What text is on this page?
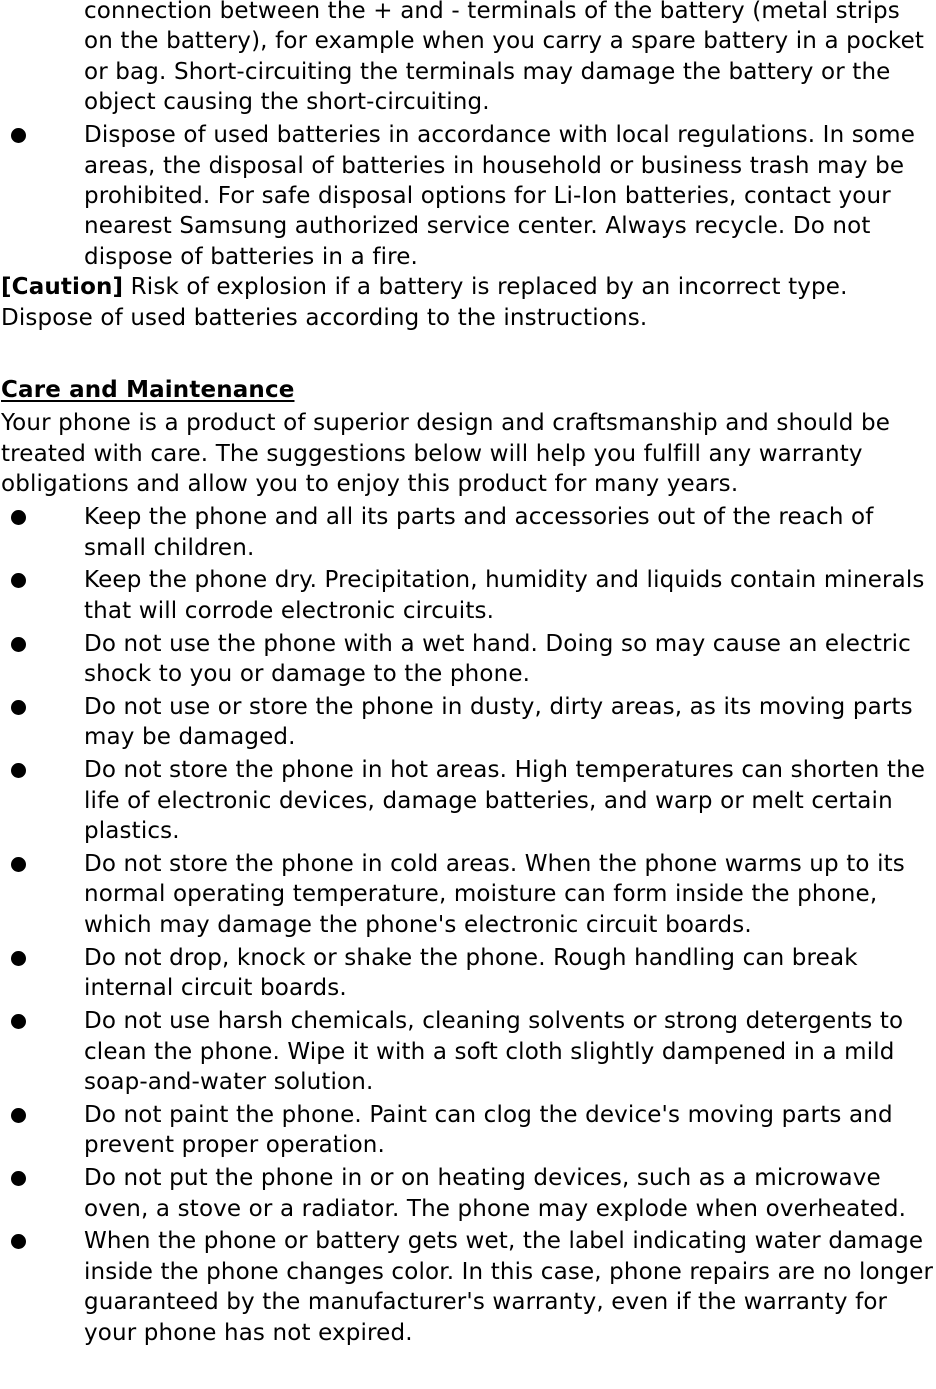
connection between the + and - terminals of the battery (metal strips on the battery), for example when you carry a spare battery in a pocket or bag. Short-circuiting the terminals may damage the battery or the object causing the short-circuiting.
Dispose of used batteries in accordance with local regulations. In some areas, the disposal of batteries in household or business trash may be prohibited. For safe disposal options for Li-Ion batteries, contact your nearest Samsung authorized service center. Always recycle. Do not dispose of batteries in a fire.

[Caution] Risk of explosion if a battery is replaced by an incorrect type. Dispose of used batteries according to the instructions.

Care and Maintenance

Your phone is a product of superior design and craftsmanship and should be treated with care. The suggestions below will help you fulfill any warranty obligations and allow you to enjoy this product for many years.

Keep the phone and all its parts and accessories out of the reach of small children.
Keep the phone dry. Precipitation, humidity and liquids contain minerals that will corrode electronic circuits.
Do not use the phone with a wet hand. Doing so may cause an electric shock to you or damage to the phone.
Do not use or store the phone in dusty, dirty areas, as its moving parts may be damaged.
Do not store the phone in hot areas. High temperatures can shorten the life of electronic devices, damage batteries, and warp or melt certain plastics.
Do not store the phone in cold areas. When the phone warms up to its normal operating temperature, moisture can form inside the phone, which may damage the phone's electronic circuit boards.
Do not drop, knock or shake the phone. Rough handling can break internal circuit boards.
Do not use harsh chemicals, cleaning solvents or strong detergents to clean the phone. Wipe it with a soft cloth slightly dampened in a mild soap-and-water solution.
Do not paint the phone. Paint can clog the device's moving parts and prevent proper operation.
Do not put the phone in or on heating devices, such as a microwave oven, a stove or a radiator. The phone may explode when overheated.
When the phone or battery gets wet, the label indicating water damage inside the phone changes color. In this case, phone repairs are no longer guaranteed by the manufacturer's warranty, even if the warranty for your phone has not expired.
